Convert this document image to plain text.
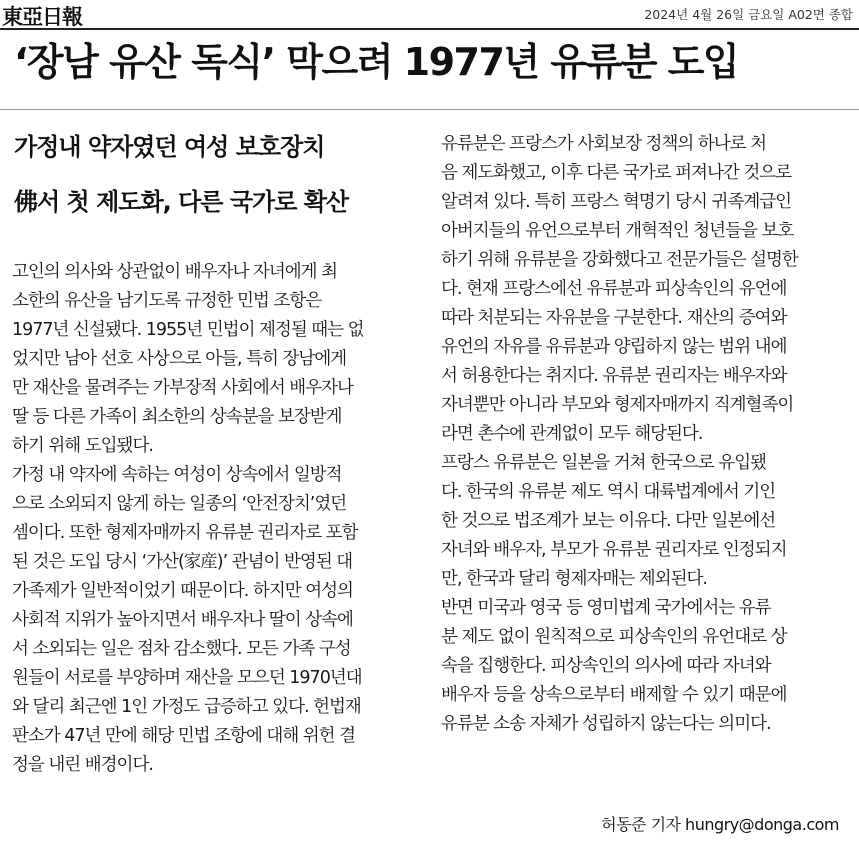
東亞日報	2024년 4월 26일 금요일 A02면 종합
‘장남 유산 독식’ 막으려 1977년 유류분 도입
가정내 약자였던 여성 보호장치
佛서 첫 제도화, 다른 국가로 확산
고인의 의사와 상관없이 배우자나 자녀에게 최
소한의 유산을 남기도록 규정한 민법 조항은
1977년 신설됐다. 1955년 민법이 제정될 때는 없
었지만 남아 선호 사상으로 아들, 특히 장남에게
만 재산을 물려주는 가부장적 사회에서 배우자나
딸 등 다른 가족이 최소한의 상속분을 보장받게
하기 위해 도입됐다.
가정 내 약자에 속하는 여성이 상속에서 일방적
으로 소외되지 않게 하는 일종의 ‘안전장치’였던
셈이다. 또한 형제자매까지 유류분 권리자로 포함
된 것은 도입 당시 ‘가산(家産)’ 관념이 반영된 대
가족제가 일반적이었기 때문이다. 하지만 여성의
사회적 지위가 높아지면서 배우자나 딸이 상속에
서 소외되는 일은 점차 감소했다. 모든 가족 구성
원들이 서로를 부양하며 재산을 모으던 1970년대
와 달리 최근엔 1인 가정도 급증하고 있다. 헌법재
판소가 47년 만에 해당 민법 조항에 대해 위헌 결
정을 내린 배경이다.
유류분은 프랑스가 사회보장 정책의 하나로 처
음 제도화했고, 이후 다른 국가로 퍼져나간 것으로
알려져 있다. 특히 프랑스 혁명기 당시 귀족계급인
아버지들의 유언으로부터 개혁적인 청년들을 보호
하기 위해 유류분을 강화했다고 전문가들은 설명한
다. 현재 프랑스에선 유류분과 피상속인의 유언에
따라 처분되는 자유분을 구분한다. 재산의 증여와
유언의 자유를 유류분과 양립하지 않는 범위 내에
서 허용한다는 취지다. 유류분 권리자는 배우자와
자녀뿐만 아니라 부모와 형제자매까지 직계혈족이
라면 촌수에 관계없이 모두 해당된다.
프랑스 유류분은 일본을 거쳐 한국으로 유입됐
다. 한국의 유류분 제도 역시 대륙법계에서 기인
한 것으로 법조계가 보는 이유다. 다만 일본에선
자녀와 배우자, 부모가 유류분 권리자로 인정되지
만, 한국과 달리 형제자매는 제외된다.
반면 미국과 영국 등 영미법계 국가에서는 유류
분 제도 없이 원칙적으로 피상속인의 유언대로 상
속을 집행한다. 피상속인의 의사에 따라 자녀와
배우자 등을 상속으로부터 배제할 수 있기 때문에
유류분 소송 자체가 성립하지 않는다는 의미다.
허동준 기자 hungry@donga.com
